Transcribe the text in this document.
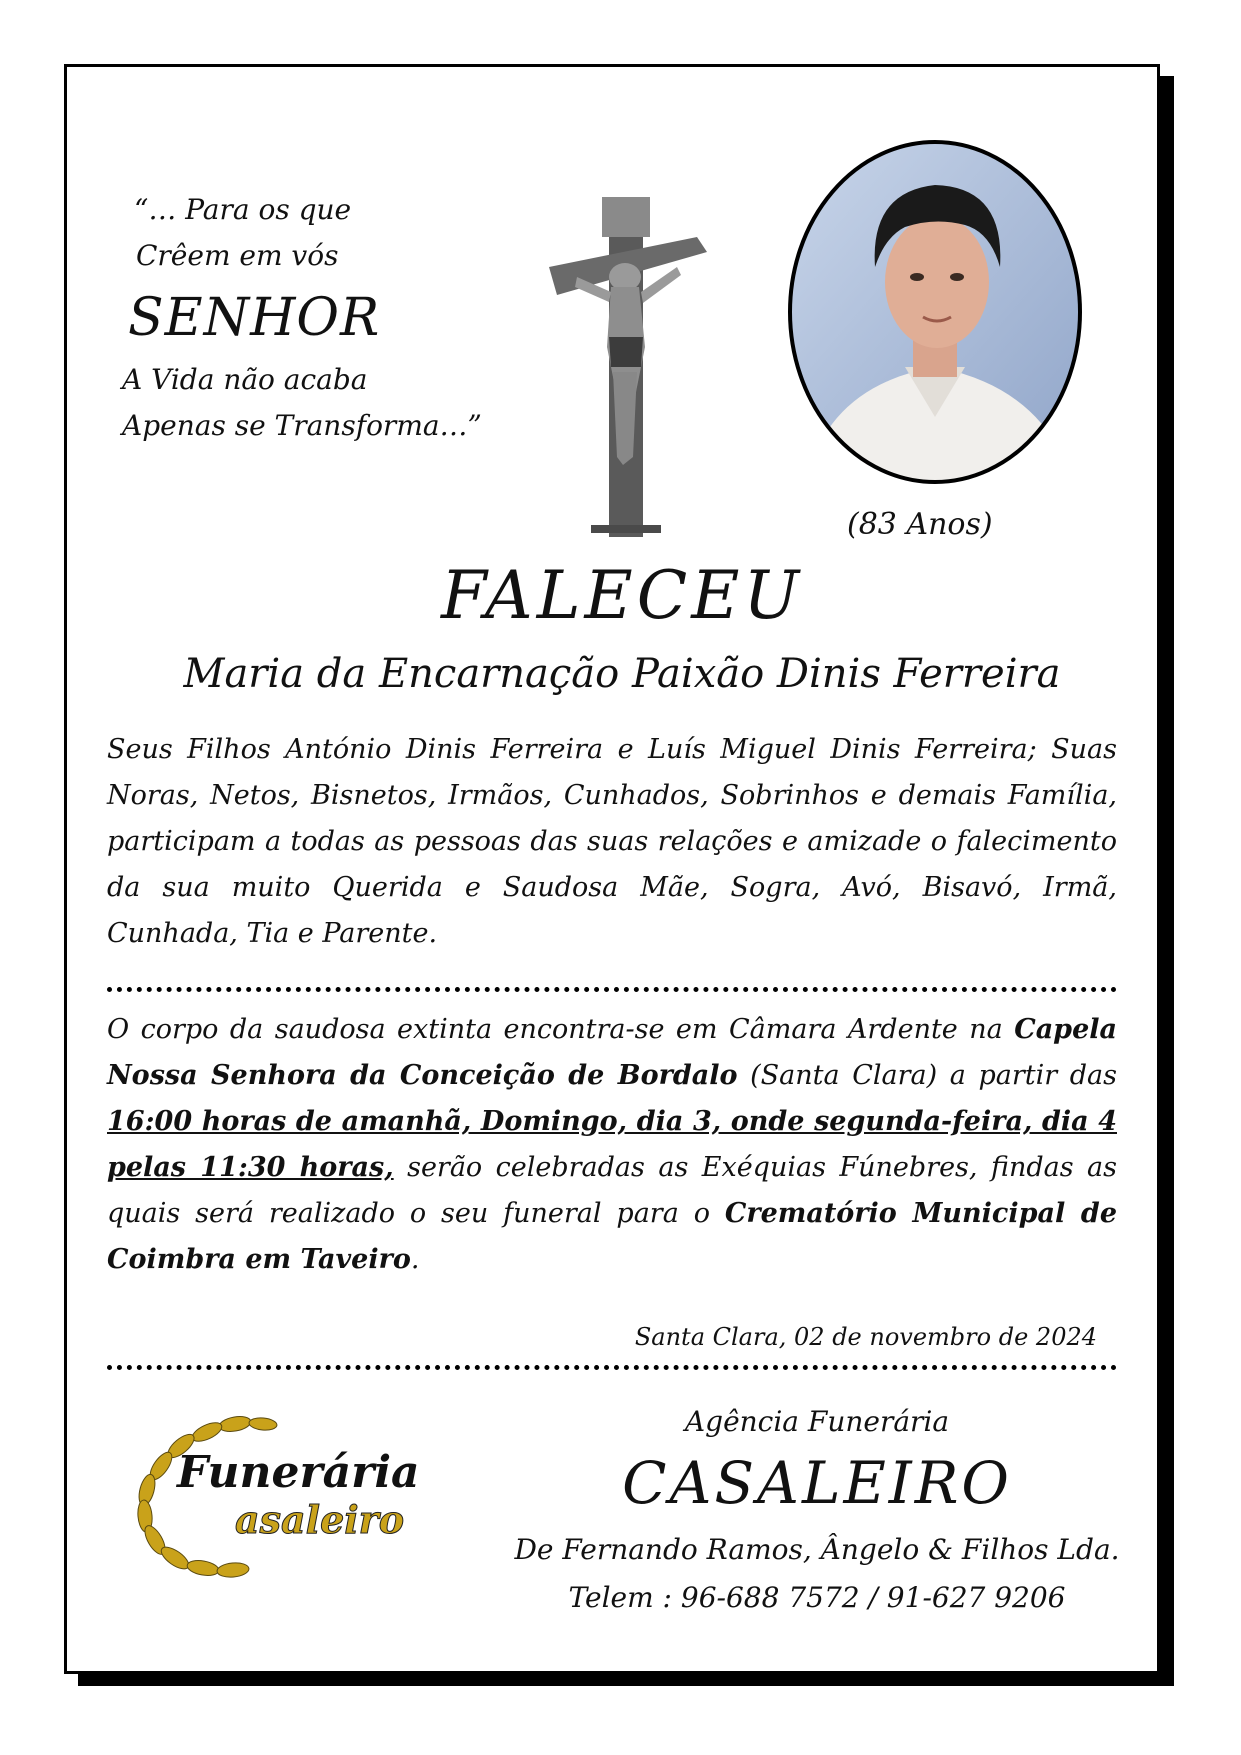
“… Para os que
Crêem em vós
SENHOR
A Vida não acaba
Apenas se Transforma…”
(83 Anos)
FALECEU
Maria da Encarnação Paixão Dinis Ferreira
Seus Filhos António Dinis Ferreira e Luís Miguel Dinis Ferreira; Suas Noras, Netos, Bisnetos, Irmãos, Cunhados, Sobrinhos e demais Família, participam a todas as pessoas das suas relações e amizade o falecimento da sua muito Querida e Saudosa Mãe, Sogra, Avó, Bisavó, Irmã, Cunhada, Tia e Parente.
O corpo da saudosa extinta encontra-se em Câmara Ardente na Capela Nossa Senhora da Conceição de Bordalo (Santa Clara) a partir das 16:00 horas de amanhã, Domingo, dia 3, onde segunda-feira, dia 4 pelas 11:30 horas, serão celebradas as Exéquias Fúnebres, findas as quais será realizado o seu funeral para o Crematório Municipal de Coimbra em Taveiro.
Santa Clara, 02 de novembro de 2024
Funerária
asaleiro
Agência Funerária
CASALEIRO
De Fernando Ramos, Ângelo & Filhos Lda.
Telem : 96-688 7572 / 91-627 9206
